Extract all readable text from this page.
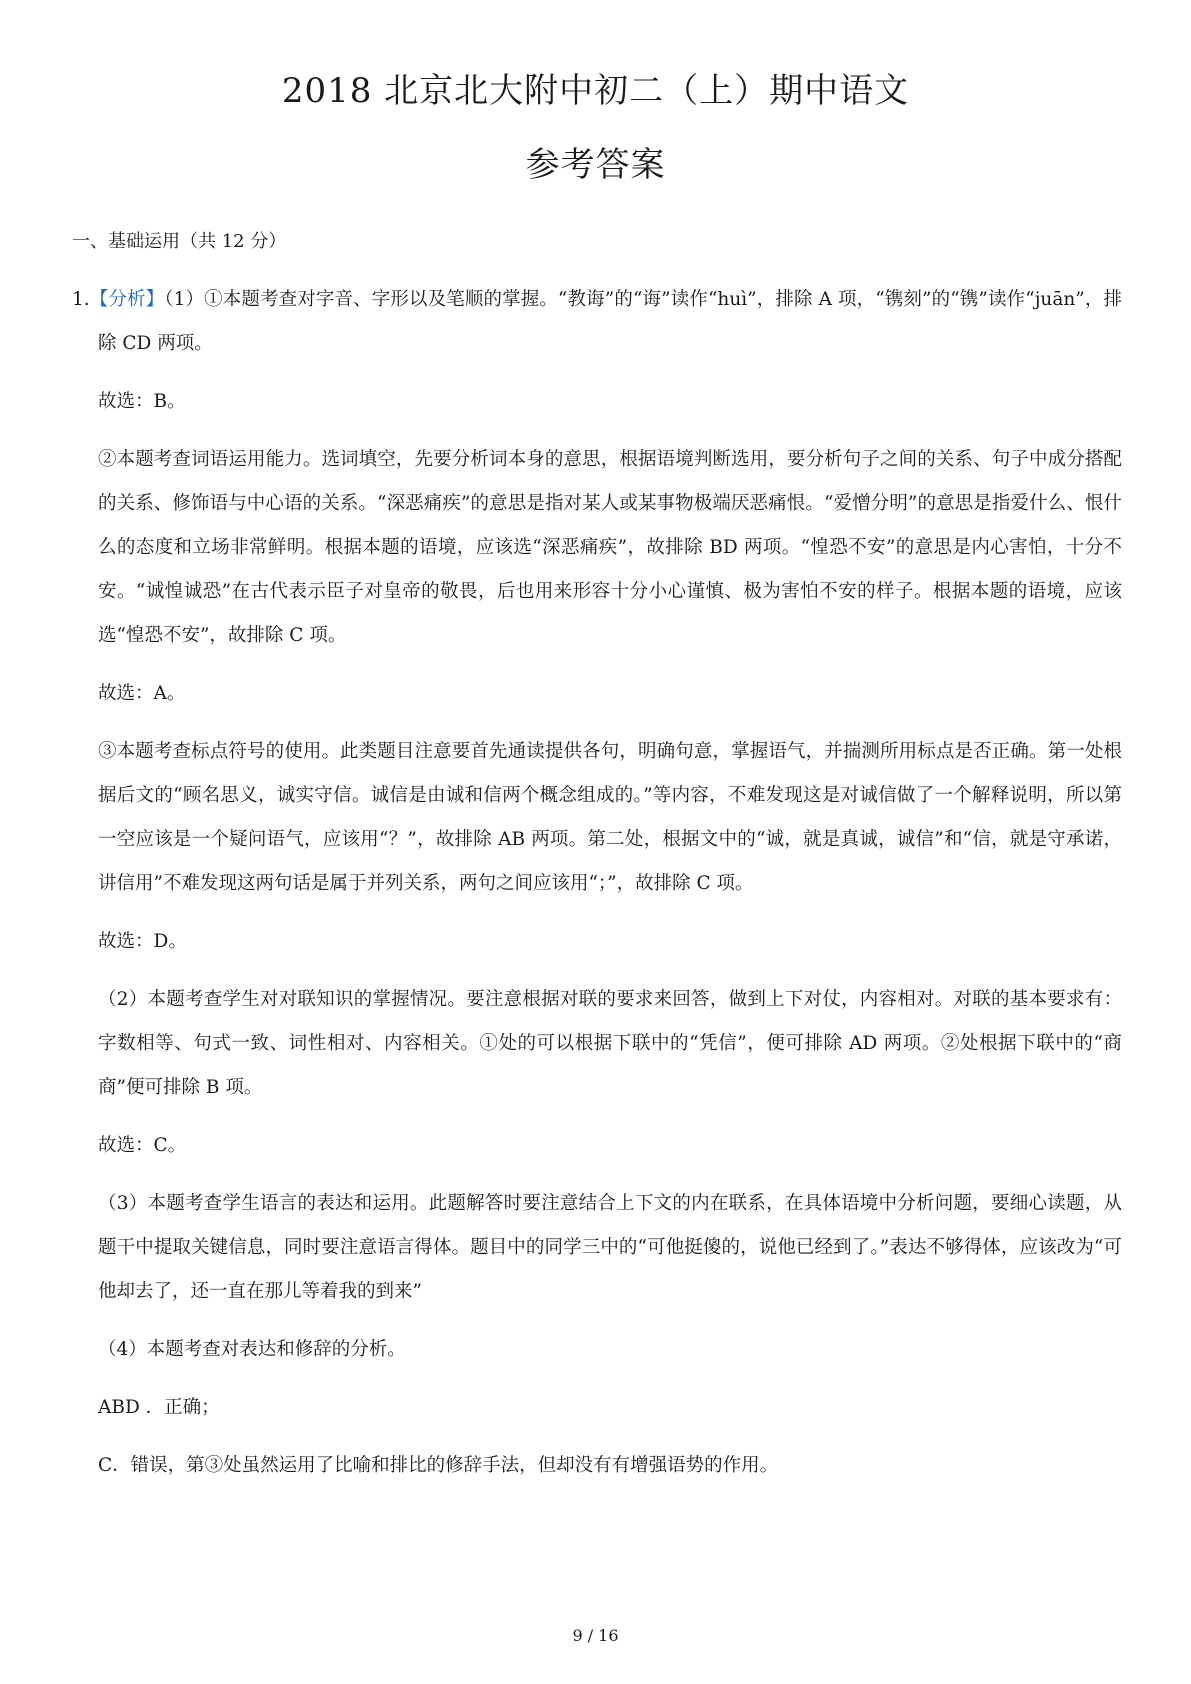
2018 北京北大附中初二（上）期中语文
参考答案
一、基础运用（共 12 分）

1.【分析】（1）①本题考查对字音、字形以及笔顺的掌握。“教诲”的“诲”读作“huì”，排除 A 项，“镌刻”的“镌”读作“juān”，排除 CD 两项。

故选：B。

②本题考查词语运用能力。选词填空，先要分析词本身的意思，根据语境判断选用，要分析句子之间的关系、句子中成分搭配的关系、修饰语与中心语的关系。“深恶痛疾”的意思是指对某人或某事物极端厌恶痛恨。“爱憎分明”的意思是指爱什么、恨什么的态度和立场非常鲜明。根据本题的语境，应该选“深恶痛疾”，故排除 BD 两项。“惶恐不安”的意思是内心害怕，十分不安。“诚惶诚恐”在古代表示臣子对皇帝的敬畏，后也用来形容十分小心谨慎、极为害怕不安的样子。根据本题的语境，应该选“惶恐不安”，故排除 C 项。

故选：A。

③本题考查标点符号的使用。此类题目注意要首先通读提供各句，明确句意，掌握语气，并揣测所用标点是否正确。第一处根据后文的“顾名思义，诚实守信。诚信是由诚和信两个概念组成的。”等内容，不难发现这是对诚信做了一个解释说明，所以第一空应该是一个疑问语气，应该用“？”，故排除 AB 两项。第二处，根据文中的“诚，就是真诚，诚信”和“信，就是守承诺，讲信用”不难发现这两句话是属于并列关系，两句之间应该用“；”，故排除 C 项。

故选：D。

（2）本题考查学生对对联知识的掌握情况。要注意根据对联的要求来回答，做到上下对仗，内容相对。对联的基本要求有：字数相等、句式一致、词性相对、内容相关。①处的可以根据下联中的“凭信”，便可排除 AD 两项。②处根据下联中的“商商”便可排除 B 项。

故选：C。

（3）本题考查学生语言的表达和运用。此题解答时要注意结合上下文的内在联系，在具体语境中分析问题，要细心读题，从题干中提取关键信息，同时要注意语言得体。题目中的同学三中的“可他挺傻的，说他已经到了。”表达不够得体，应该改为“可他却去了，还一直在那儿等着我的到来”

（4）本题考查对表达和修辞的分析。

ABD ．正确；

C．错误，第③处虽然运用了比喻和排比的修辞手法，但却没有有增强语势的作用。

9 / 16
